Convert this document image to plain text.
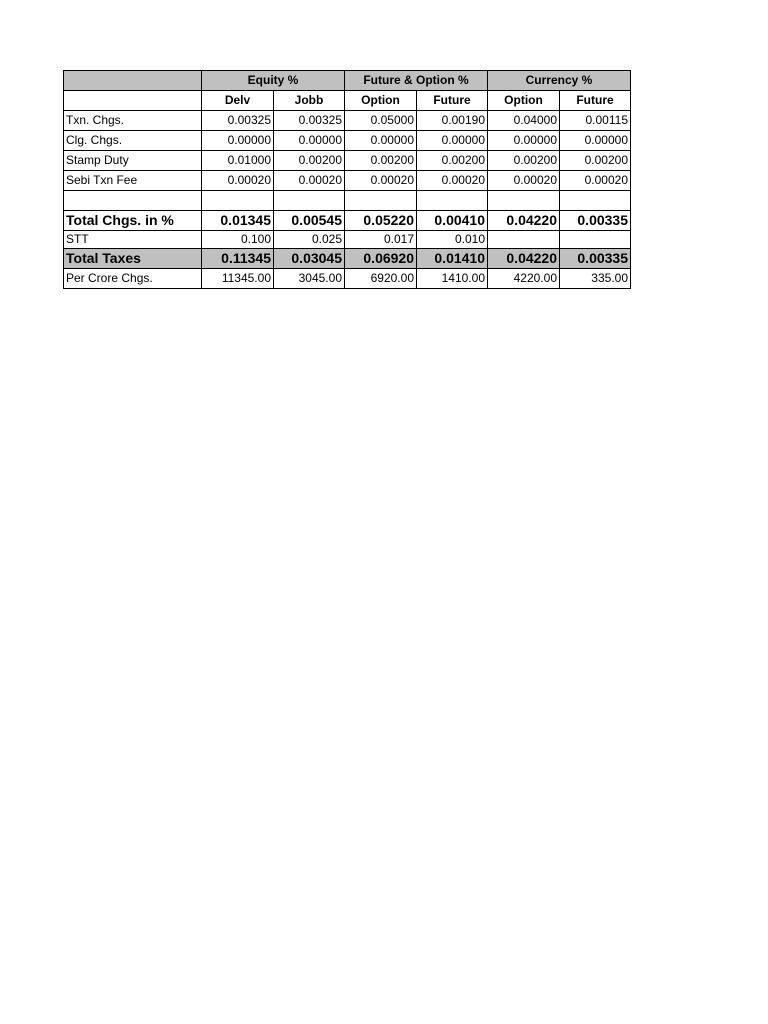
	Equity %		Future & Option %		Currency %	
	Delv	Jobb	Option	Future	Option	Future
Txn. Chgs.	0.00325	0.00325	0.05000	0.00190	0.04000	0.00115
Clg. Chgs.	0.00000	0.00000	0.00000	0.00000	0.00000	0.00000
Stamp Duty	0.01000	0.00200	0.00200	0.00200	0.00200	0.00200
Sebi Txn Fee	0.00020	0.00020	0.00020	0.00020	0.00020	0.00020

Total Chgs. in %	0.01345	0.00545	0.05220	0.00410	0.04220	0.00335
STT	0.100	0.025	0.017	0.010		
Total Taxes	0.11345	0.03045	0.06920	0.01410	0.04220	0.00335
Per Crore Chgs.	11345.00	3045.00	6920.00	1410.00	4220.00	335.00
